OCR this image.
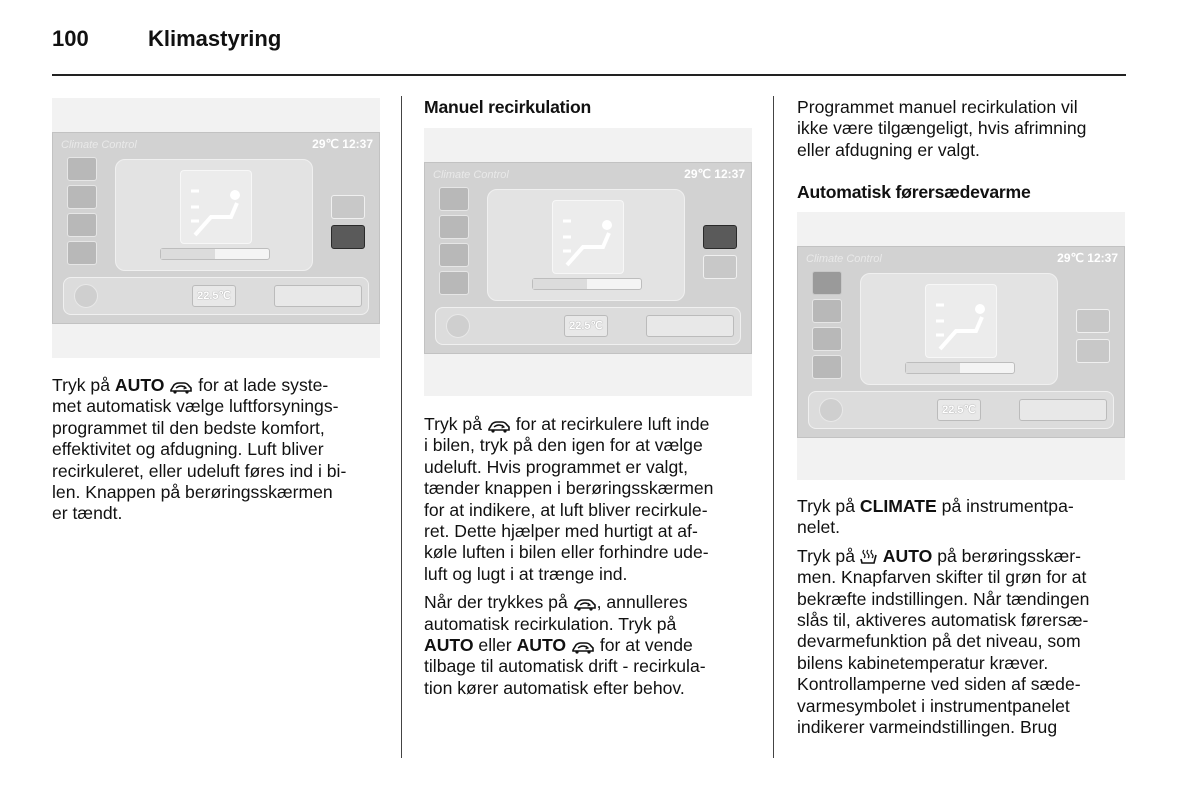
100	Klimastyring
Climate Control	29℃ 12:37
22.5℃
Climate Control	29℃ 12:37
22.5℃
Climate Control	29℃ 12:37
22.5℃

Tryk på AUTO  for at lade syste-
met automatisk vælge luftforsynings-
programmet til den bedste komfort,
effektivitet og afdugning. Luft bliver
recirkuleret, eller udeluft føres ind i bi-
len. Knappen på berøringsskærmen
er tændt.

Manuel recirkulation

Tryk på  for at recirkulere luft inde
i bilen, tryk på den igen for at vælge
udeluft. Hvis programmet er valgt,
tænder knappen i berøringsskærmen
for at indikere, at luft bliver recirkule-
ret. Dette hjælper med hurtigt at af-
køle luften i bilen eller forhindre ude-
luft og lugt i at trænge ind.

Når der trykkes på , annulleres
automatisk recirkulation. Tryk på
AUTO eller AUTO  for at vende
tilbage til automatisk drift - recirkula-
tion kører automatisk efter behov.

Programmet manuel recirkulation vil
ikke være tilgængeligt, hvis afrimning
eller afdugning er valgt.

Automatisk førersædevarme

Tryk på CLIMATE på instrumentpa-
nelet.

Tryk på  AUTO på berøringsskær-
men. Knapfarven skifter til grøn for at
bekræfte indstillingen. Når tændingen
slås til, aktiveres automatisk førersæ-
devarmefunktion på det niveau, som
bilens kabinetemperatur kræver.
Kontrollamperne ved siden af sæde-
varmesymbolet i instrumentpanelet
indikerer varmeindstillingen. Brug
